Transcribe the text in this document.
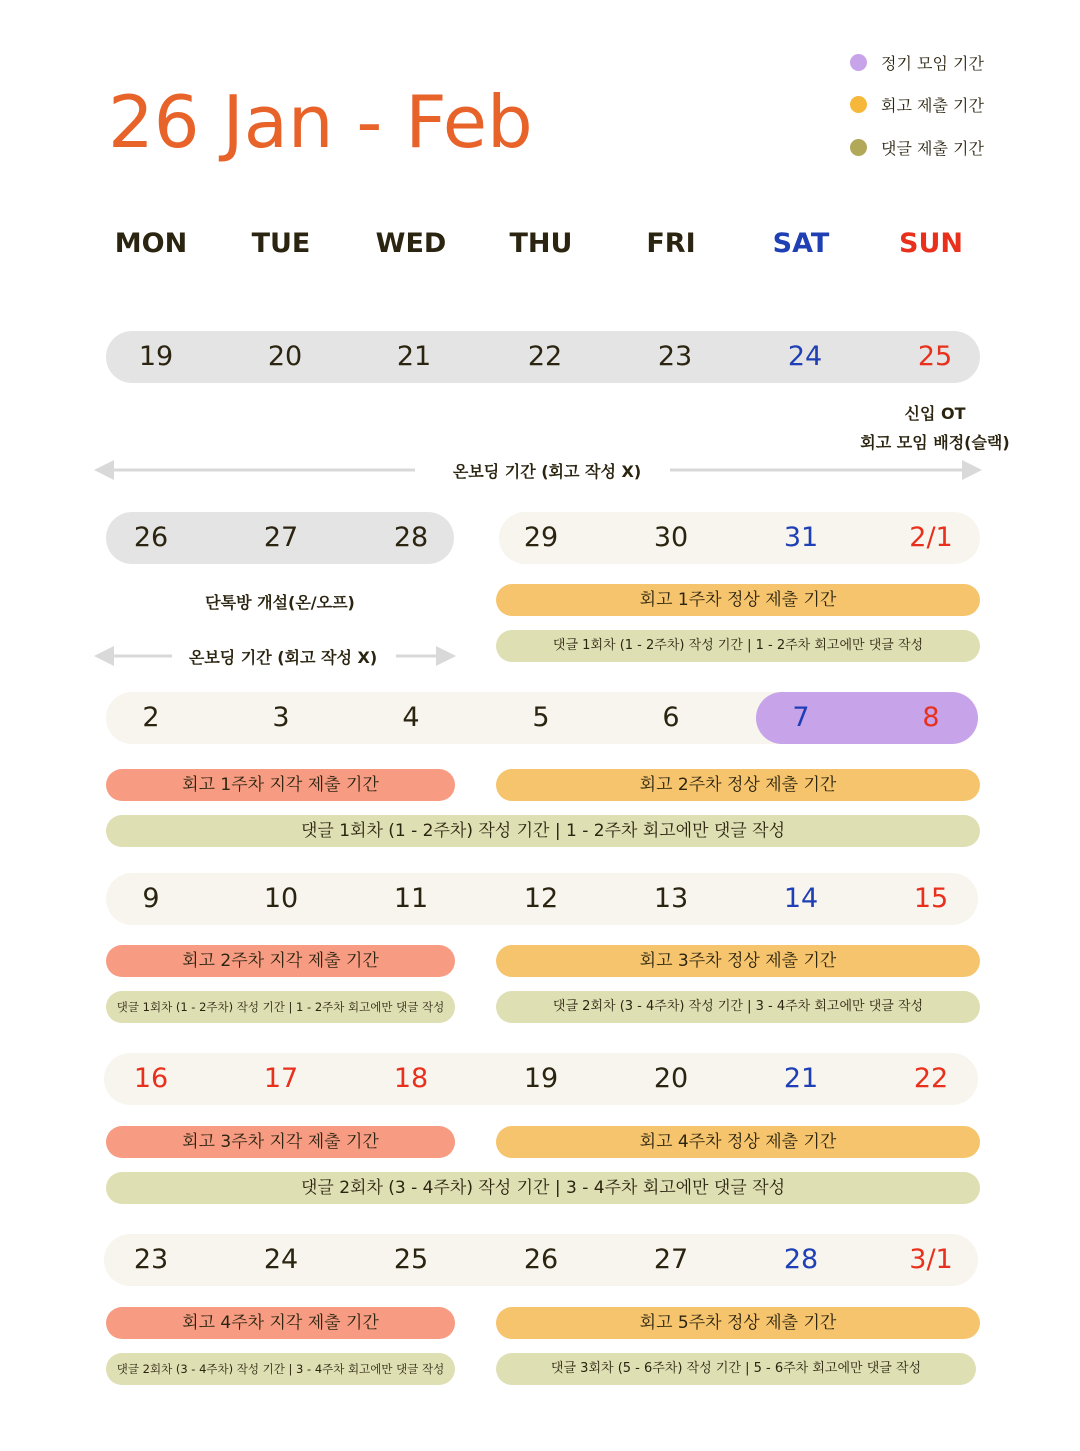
26 Jan - Feb
정기 모임 기간
회고 제출 기간
댓글 제출 기간
MON	TUE	WED	THU	FRI	SAT	SUN
19	20	21	22	23	24	25
신입 OT
회고 모임 배정(슬랙)
온보딩 기간 (회고 작성 X)
26	27	28	29	30	31	2/1
단톡방 개설(온/오프)	회고 1주차 정상 제출 기간
댓글 1회차 (1 - 2주차) 작성 기간 | 1 - 2주차 회고에만 댓글 작성
온보딩 기간 (회고 작성 X)
2	3	4	5	6	7	8
회고 1주차 지각 제출 기간	회고 2주차 정상 제출 기간
댓글 1회차 (1 - 2주차) 작성 기간 | 1 - 2주차 회고에만 댓글 작성
9	10	11	12	13	14	15
회고 2주차 지각 제출 기간	회고 3주차 정상 제출 기간
댓글 1회차 (1 - 2주차) 작성 기간 | 1 - 2주차 회고에만 댓글 작성	댓글 2회차 (3 - 4주차) 작성 기간 | 3 - 4주차 회고에만 댓글 작성
16	17	18	19	20	21	22
회고 3주차 지각 제출 기간	회고 4주차 정상 제출 기간
댓글 2회차 (3 - 4주차) 작성 기간 | 3 - 4주차 회고에만 댓글 작성
23	24	25	26	27	28	3/1
회고 4주차 지각 제출 기간	회고 5주차 정상 제출 기간
댓글 2회차 (3 - 4주차) 작성 기간 | 3 - 4주차 회고에만 댓글 작성	댓글 3회차 (5 - 6주차) 작성 기간 | 5 - 6주차 회고에만 댓글 작성
